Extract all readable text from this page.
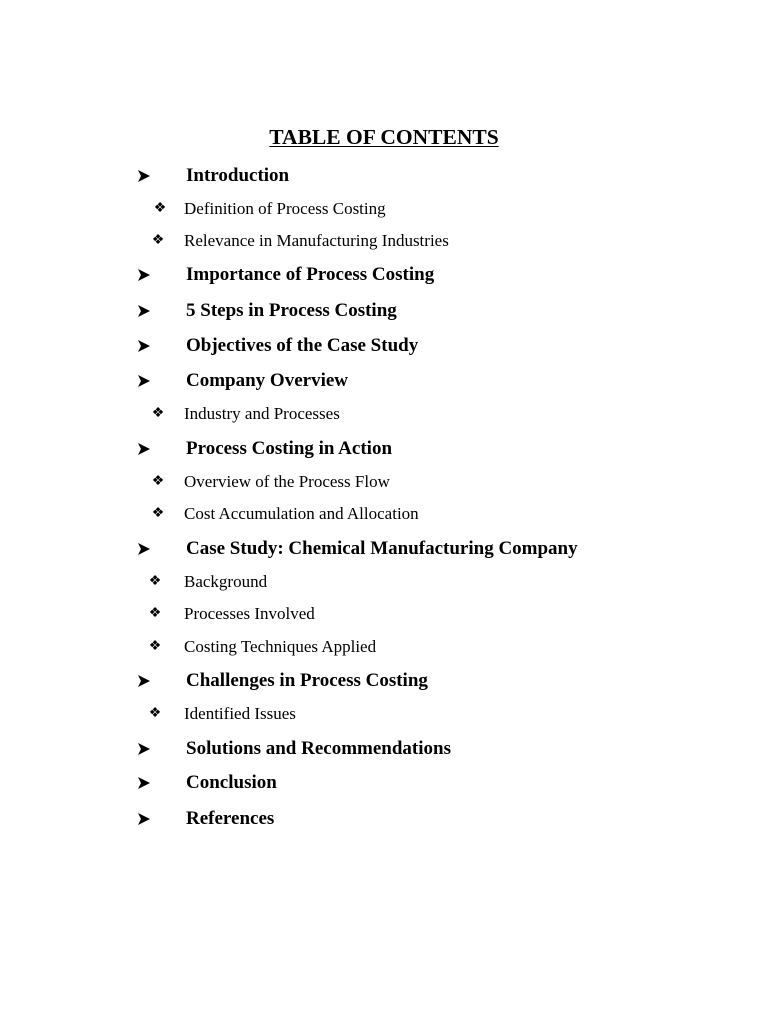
TABLE OF CONTENTS
Introduction
❖ Definition of Process Costing
❖ Relevance in Manufacturing Industries
Importance of Process Costing
5 Steps in Process Costing
Objectives of the Case Study
Company Overview
❖ Industry and Processes
Process Costing in Action
❖ Overview of the Process Flow
❖ Cost Accumulation and Allocation
Case Study: Chemical Manufacturing Company
❖ Background
❖ Processes Involved
❖ Costing Techniques Applied
Challenges in Process Costing
❖ Identified Issues
Solutions and Recommendations
Conclusion
References
